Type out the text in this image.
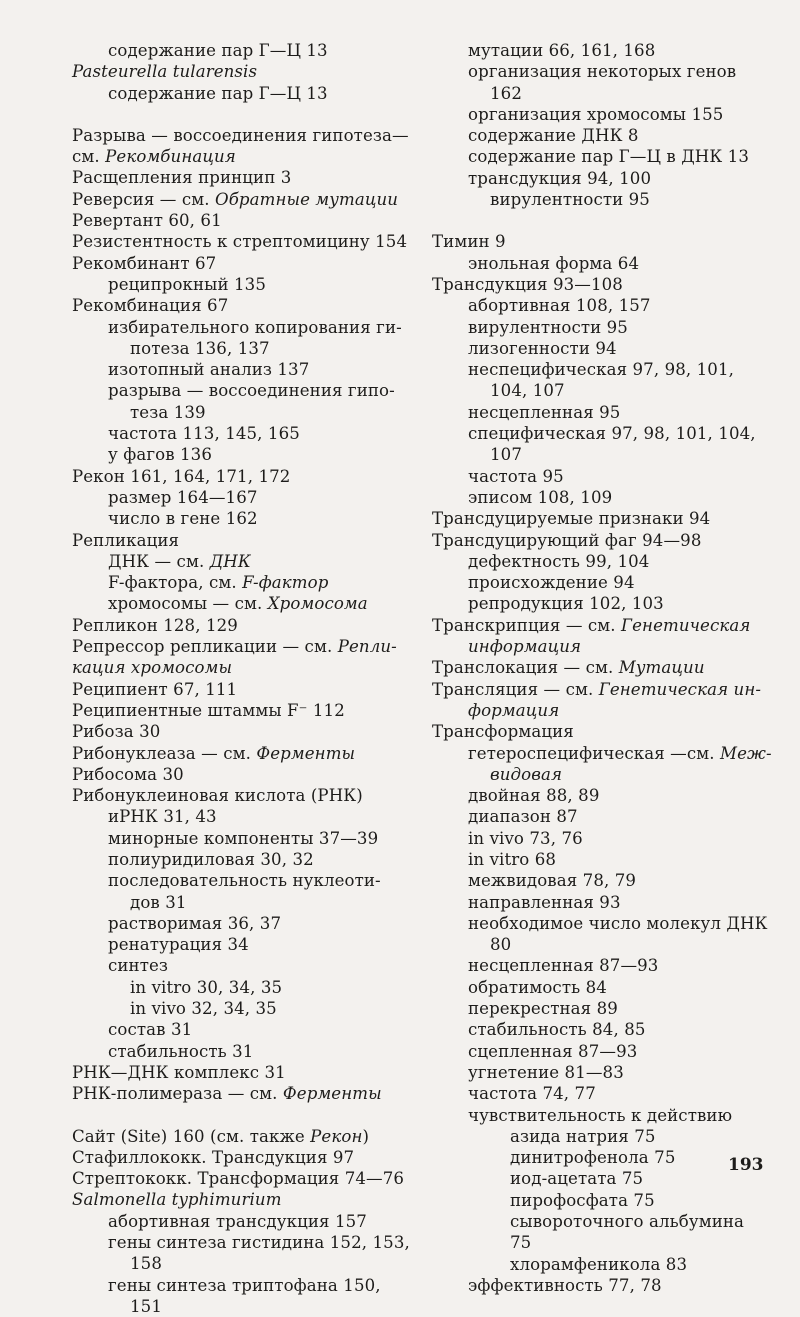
содержание пар Г—Ц 13
Pasteurella tularensis
содержание пар Г—Ц 13
Разрыва — воссоединения гипотеза—
см. Рекомбинация
Расщепления принцип 3
Реверсия — см. Обратные мутации
Ревертант 60, 61
Резистентность к стрептомицину 154
Рекомбинант 67
реципрокный 135
Рекомбинация 67
избирательного копирования ги-
потеза 136, 137
изотопный анализ 137
разрыва — воссоединения гипо-
теза 139
частота 113, 145, 165
у фагов 136
Рекон 161, 164, 171, 172
размер 164—167
число в гене 162
Репликация
ДНК — см. ДНК
F-фактора, см. F-фактор
хромосомы — см. Хромосома
Репликон 128, 129
Репрессор репликации — см. Репли-
кация хромосомы
Реципиент 67, 111
Реципиентные штаммы F⁻ 112
Рибоза 30
Рибонуклеаза — см. Ферменты
Рибосома 30
Рибонуклеиновая кислота (РНК)
иРНК 31, 43
минорные компоненты 37—39
полиуридиловая 30, 32
последовательность нуклеоти-
дов 31
растворимая 36, 37
ренатурация 34
синтез
in vitro 30, 34, 35
in vivo 32, 34, 35
состав 31
стабильность 31
РНК—ДНК комплекс 31
РНК-полимераза — см. Ферменты
Сайт (Site) 160 (см. также Рекон)
Стафиллококк. Трансдукция 97
Стрептококк. Трансформация 74—76
Salmonella typhimurium
абортивная трансдукция 157
гены синтеза гистидина 152, 153,
158
гены синтеза триптофана 150,
151
мутации 66, 161, 168
организация некоторых генов
162
организация хромосомы 155
содержание ДНК 8
содержание пар Г—Ц в ДНК 13
трансдукция 94, 100
вирулентности 95
Тимин 9
энольная форма 64
Трансдукция 93—108
абортивная 108, 157
вирулентности 95
лизогенности 94
неспецифическая 97, 98, 101,
104, 107
несцепленная 95
специфическая 97, 98, 101, 104,
107
частота 95
эписом 108, 109
Трансдуцируемые признаки 94
Трансдуцирующий фаг 94—98
дефектность 99, 104
происхождение 94
репродукция 102, 103
Транскрипция — см. Генетическая
информация
Транслокация — см. Мутации
Трансляция — см. Генетическая ин-
формация
Трансформация
гетероспецифическая —см. Меж-
видовая
двойная 88, 89
диапазон 87
in vivo 73, 76
in vitro 68
межвидовая 78, 79
направленная 93
необходимое число молекул ДНК
80
несцепленная 87—93
обратимость 84
перекрестная 89
стабильность 84, 85
сцепленная 87—93
угнетение 81—83
частота 74, 77
чувствительность к действию
азида натрия 75
динитрофенола 75
иод-ацетата 75
пирофосфата 75
сывороточного альбумина
75
хлорамфеникола 83
эффективность 77, 78
193
